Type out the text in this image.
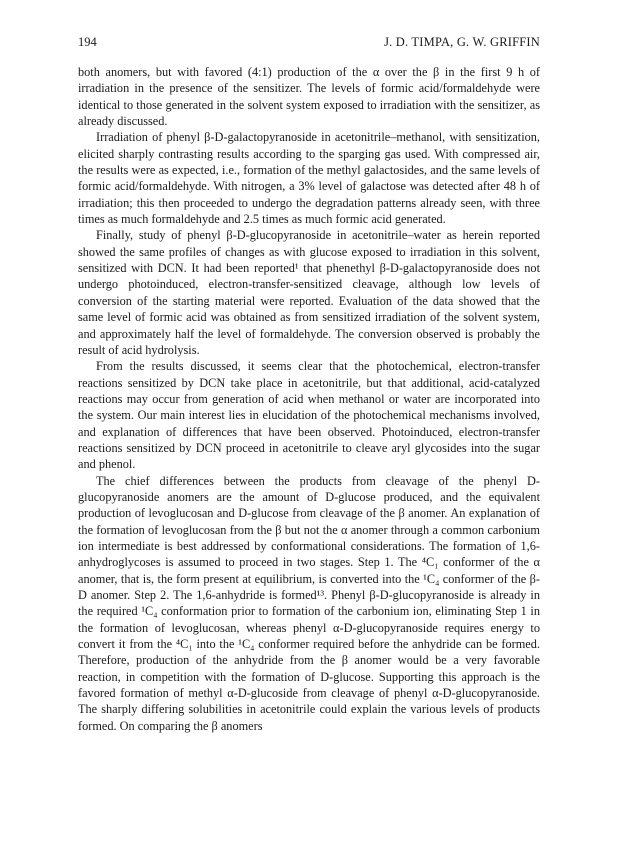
194	J. D. TIMPA, G. W. GRIFFIN

both anomers, but with favored (4:1) production of the α over the β in the first 9 h of irradiation in the presence of the sensitizer. The levels of formic acid/formaldehyde were identical to those generated in the solvent system exposed to irradiation with the sensitizer, as already discussed.

Irradiation of phenyl β-D-galactopyranoside in acetonitrile–methanol, with sensitization, elicited sharply contrasting results according to the sparging gas used. With compressed air, the results were as expected, i.e., formation of the methyl galactosides, and the same levels of formic acid/formaldehyde. With nitrogen, a 3% level of galactose was detected after 48 h of irradiation; this then proceeded to undergo the degradation patterns already seen, with three times as much formaldehyde and 2.5 times as much formic acid generated.

Finally, study of phenyl β-D-glucopyranoside in acetonitrile–water as herein reported showed the same profiles of changes as with glucose exposed to irradiation in this solvent, sensitized with DCN. It had been reported¹ that phenethyl β-D-galactopyranoside does not undergo photoinduced, electron-transfer-sensitized cleavage, although low levels of conversion of the starting material were reported. Evaluation of the data showed that the same level of formic acid was obtained as from sensitized irradiation of the solvent system, and approximately half the level of formaldehyde. The conversion observed is probably the result of acid hydrolysis.

From the results discussed, it seems clear that the photochemical, electron-transfer reactions sensitized by DCN take place in acetonitrile, but that additional, acid-catalyzed reactions may occur from generation of acid when methanol or water are incorporated into the system. Our main interest lies in elucidation of the photochemical mechanisms involved, and explanation of differences that have been observed. Photoinduced, electron-transfer reactions sensitized by DCN proceed in acetonitrile to cleave aryl glycosides into the sugar and phenol.

The chief differences between the products from cleavage of the phenyl D-glucopyranoside anomers are the amount of D-glucose produced, and the equivalent production of levoglucosan and D-glucose from cleavage of the β anomer. An explanation of the formation of levoglucosan from the β but not the α anomer through a common carbonium ion intermediate is best addressed by conformational considerations. The formation of 1,6-anhydroglycoses is assumed to proceed in two stages. Step 1. The ⁴C₁ conformer of the α anomer, that is, the form present at equilibrium, is converted into the ¹C₄ conformer of the β-D anomer. Step 2. The 1,6-anhydride is formed¹³. Phenyl β-D-glucopyranoside is already in the required ¹C₄ conformation prior to formation of the carbonium ion, eliminating Step 1 in the formation of levoglucosan, whereas phenyl α-D-glucopyranoside requires energy to convert it from the ⁴C₁ into the ¹C₄ conformer required before the anhydride can be formed. Therefore, production of the anhydride from the β anomer would be a very favorable reaction, in competition with the formation of D-glucose. Supporting this approach is the favored formation of methyl α-D-glucoside from cleavage of phenyl α-D-glucopyranoside. The sharply differing solubilities in acetonitrile could explain the various levels of products formed. On comparing the β anomers
